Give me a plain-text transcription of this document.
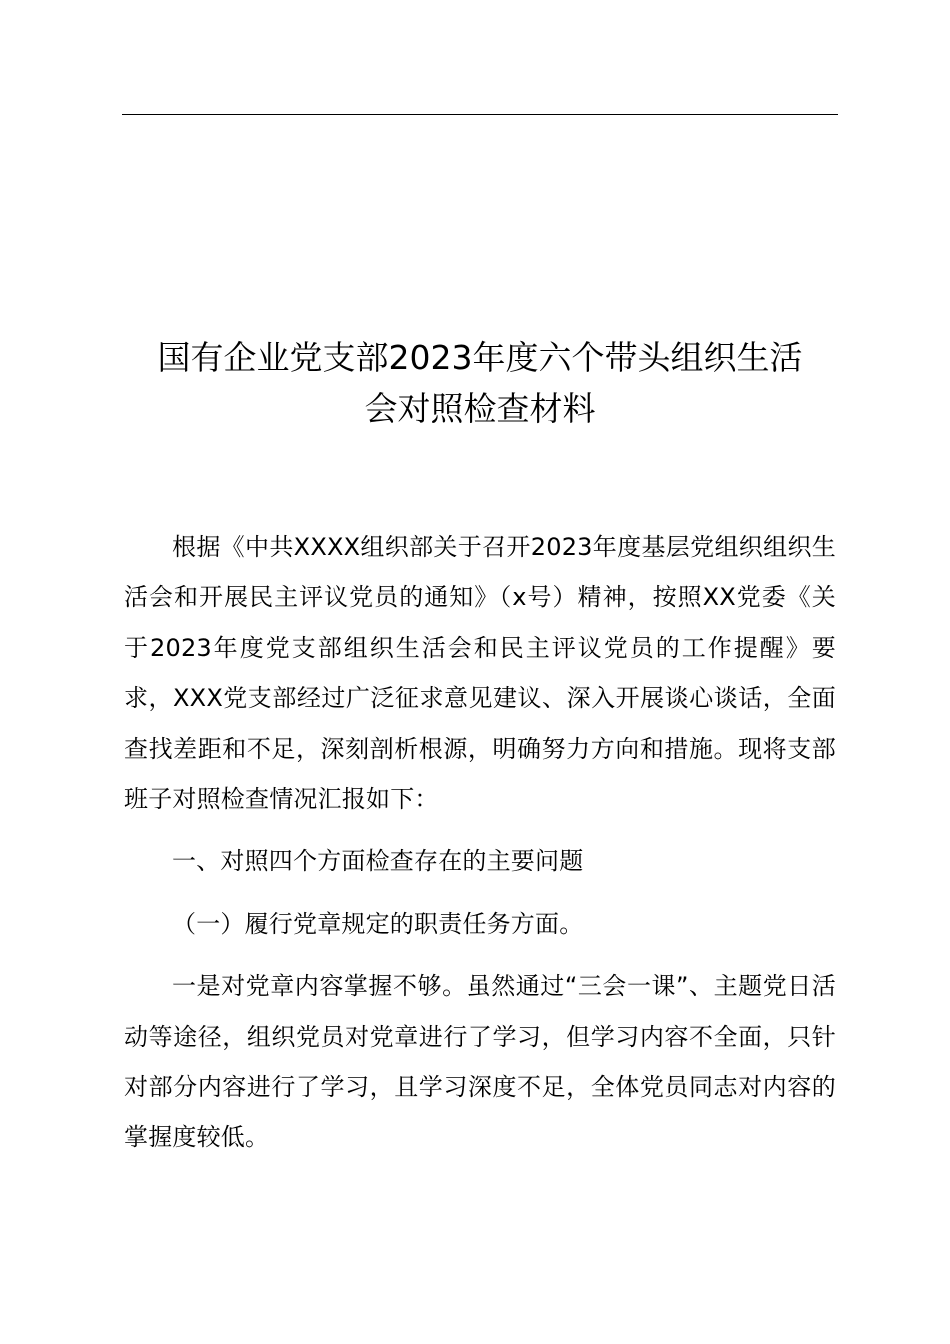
国有企业党支部2023年度六个带头组织生活
会对照检查材料

根据《中共XXXX组织部关于召开2023年度基层党组织组织生活会和开展民主评议党员的通知》（x号）精神，按照XX党委《关于2023年度党支部组织生活会和民主评议党员的工作提醒》要求，XXX党支部经过广泛征求意见建议、深入开展谈心谈话，全面查找差距和不足，深刻剖析根源，明确努力方向和措施。现将支部班子对照检查情况汇报如下：

一、对照四个方面检查存在的主要问题

（一）履行党章规定的职责任务方面。

一是对党章内容掌握不够。虽然通过“三会一课”、主题党日活动等途径，组织党员对党章进行了学习，但学习内容不全面，只针对部分内容进行了学习，且学习深度不足，全体党员同志对内容的掌握度较低。
